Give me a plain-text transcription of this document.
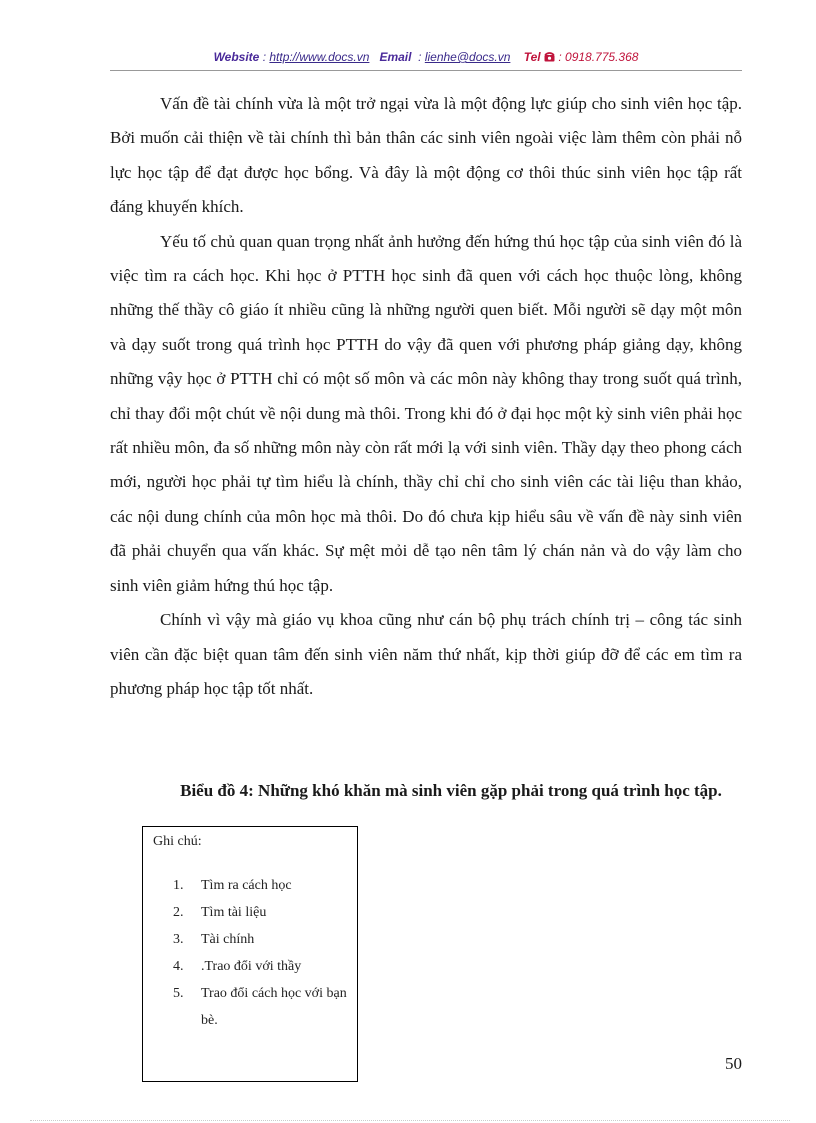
Website : http://www.docs.vn Email  : lienhe@docs.vn Tel : 0918.775.368

Vấn đề tài chính vừa là một trở ngại vừa là một động lực giúp cho sinh viên học tập. Bởi muốn cải thiện về tài chính thì bản thân các sinh viên ngoài việc làm thêm còn phải nỗ lực học tập để đạt được học bổng. Và đây là một động cơ thôi thúc sinh viên học tập rất đáng khuyến khích.

Yếu tố chủ quan quan trọng nhất ảnh hưởng đến hứng thú học tập của sinh viên đó là việc tìm ra cách học. Khi học ở PTTH học sinh đã quen với cách học thuộc lòng, không những thế thầy cô giáo ít nhiều cũng là những người quen biết. Mỗi người sẽ dạy một môn và dạy suốt trong quá trình học PTTH do vậy đã quen với phương pháp giảng dạy, không những vậy học ở PTTH chỉ có một số môn và các môn này không thay trong suốt quá trình, chỉ thay đổi một chút về nội dung mà thôi. Trong khi đó ở đại học một kỳ sinh viên phải học rất nhiều môn, đa số những môn này còn rất mới lạ với sinh viên. Thầy dạy theo phong cách mới, người học phải tự tìm hiểu là chính, thầy chỉ chỉ cho sinh viên các tài liệu than khảo, các nội dung chính của môn học mà thôi. Do đó chưa kịp hiểu sâu về vấn đề này sinh viên đã phải chuyển qua vấn khác. Sự mệt mỏi dễ tạo nên tâm lý chán nản và do vậy làm cho sinh viên giảm hứng thú học tập.

Chính vì vậy mà giáo vụ khoa cũng như cán bộ phụ trách chính trị – công tác sinh viên cần đặc biệt quan tâm đến sinh viên năm thứ nhất, kịp thời giúp đỡ để các em tìm ra phương pháp học tập tốt nhất.

Biểu đồ 4: Những khó khăn mà sinh viên gặp phải trong quá trình học tập.
Ghi chú:
1.	Tìm ra cách học
2.	Tìm tài liệu
3.	Tài chính
4.	.Trao đổi với thầy
5.	Trao đổi cách học với bạn bè.
50
